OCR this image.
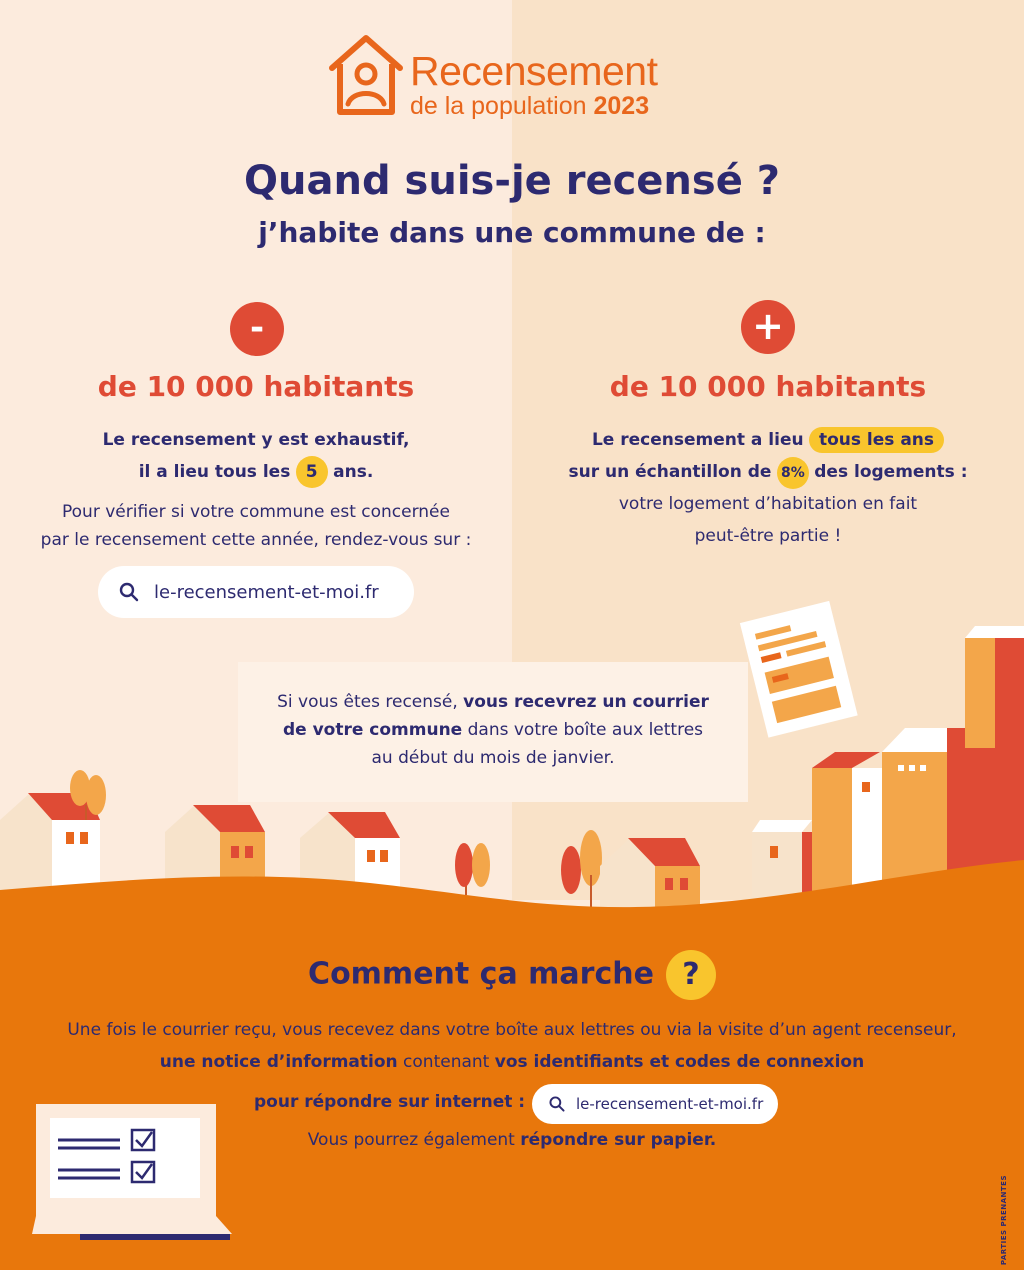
Recensement
de la population 2023
Quand suis-je recensé ?
j’habite dans une commune de :
-
de 10 000 habitants
Le recensement y est exhaustif,
il a lieu tous les 5 ans.
Pour vérifier si votre commune est concernée
par le recensement cette année, rendez-vous sur :
le-recensement-et-moi.fr
+
de 10 000 habitants
Le recensement a lieu tous les ans
sur un échantillon de 8% des logements :
votre logement d’habitation en fait
peut-être partie !
Si vous êtes recensé, vous recevrez un courrier
de votre commune dans votre boîte aux lettres
au début du mois de janvier.
Comment ça marche ?
Une fois le courrier reçu, vous recevez dans votre boîte aux lettres ou via la visite d’un agent recenseur,
une notice d’information contenant vos identifiants et codes de connexion
pour répondre sur internet :	le-recensement-et-moi.fr
Vous pourrez également répondre sur papier.
PARTIES PRENANTES
